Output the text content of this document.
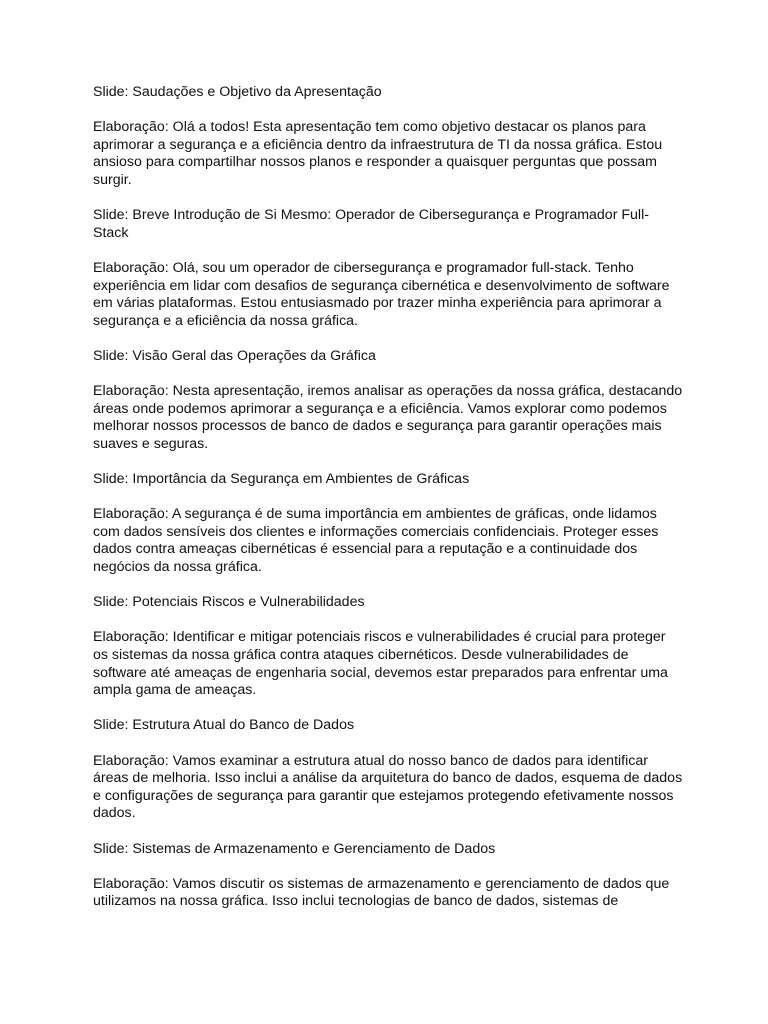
Slide: Saudações e Objetivo da Apresentação

Elaboração: Olá a todos! Esta apresentação tem como objetivo destacar os planos para aprimorar a segurança e a eficiência dentro da infraestrutura de TI da nossa gráfica. Estou ansioso para compartilhar nossos planos e responder a quaisquer perguntas que possam surgir.

Slide: Breve Introdução de Si Mesmo: Operador de Cibersegurança e Programador Full-Stack

Elaboração: Olá, sou um operador de cibersegurança e programador full-stack. Tenho experiência em lidar com desafios de segurança cibernética e desenvolvimento de software em várias plataformas. Estou entusiasmado por trazer minha experiência para aprimorar a segurança e a eficiência da nossa gráfica.

Slide: Visão Geral das Operações da Gráfica

Elaboração: Nesta apresentação, iremos analisar as operações da nossa gráfica, destacando áreas onde podemos aprimorar a segurança e a eficiência. Vamos explorar como podemos melhorar nossos processos de banco de dados e segurança para garantir operações mais suaves e seguras.

Slide: Importância da Segurança em Ambientes de Gráficas

Elaboração: A segurança é de suma importância em ambientes de gráficas, onde lidamos com dados sensíveis dos clientes e informações comerciais confidenciais. Proteger esses dados contra ameaças cibernéticas é essencial para a reputação e a continuidade dos negócios da nossa gráfica.

Slide: Potenciais Riscos e Vulnerabilidades

Elaboração: Identificar e mitigar potenciais riscos e vulnerabilidades é crucial para proteger os sistemas da nossa gráfica contra ataques cibernéticos. Desde vulnerabilidades de software até ameaças de engenharia social, devemos estar preparados para enfrentar uma ampla gama de ameaças.

Slide: Estrutura Atual do Banco de Dados

Elaboração: Vamos examinar a estrutura atual do nosso banco de dados para identificar áreas de melhoria. Isso inclui a análise da arquitetura do banco de dados, esquema de dados e configurações de segurança para garantir que estejamos protegendo efetivamente nossos dados.

Slide: Sistemas de Armazenamento e Gerenciamento de Dados

Elaboração: Vamos discutir os sistemas de armazenamento e gerenciamento de dados que utilizamos na nossa gráfica. Isso inclui tecnologias de banco de dados, sistemas de
